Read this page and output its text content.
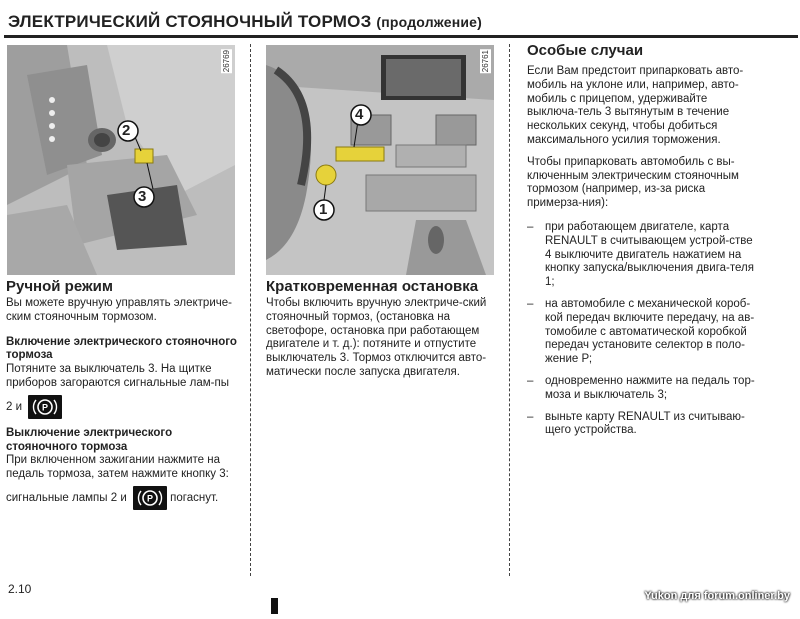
ЭЛЕКТРИЧЕСКИЙ СТОЯНОЧНЫЙ ТОРМОЗ (продолжение)
26769
2
3
26761
4
1
Ручной режим

Вы можете вручную управлять электриче-ским стояночным тормозом.

Включение электрического стояночного тормоза

Потяните за выключатель 3. На щитке приборов загораются сигнальные лам-пы

2 и P

Выключение электрического стояночного тормоза

При включенном зажигании нажмите на педаль тормоза, затем нажмите кнопку 3:

сигнальные лампы 2 и P погаснут.

Кратковременная остановка

Чтобы включить вручную электриче-ский стояночный тормоз, (остановка на светофоре, остановка при работающем двигателе и т. д.): потяните и отпустите выключатель 3. Тормоз отключится авто-матически после запуска двигателя.

Особые случаи

Если Вам предстоит припарковать авто-мобиль на уклоне или, например, авто-мобиль с прицепом, удерживайте выключа-тель 3 вытянутым в течение нескольких секунд, чтобы добиться максимального усилия торможения.

Чтобы припарковать автомобиль с вы-ключенным электрическим стояночным тормозом (например, из-за риска примерза-ния):

– при работающем двигателе, карта RENAULT в считывающем устрой-стве 4 выключите двигатель нажатием на кнопку запуска/выключения двига-теля 1;
– на автомобиле с механической короб-кой передач включите передачу, на ав-томобиле с автоматической коробкой передач установите селектор в поло-жение Р;
– одновременно нажмите на педаль тор-моза и выключатель 3;
– выньте карту RENAULT из считываю-щего устройства.
2.10	Yukon для forum.onliner.by
